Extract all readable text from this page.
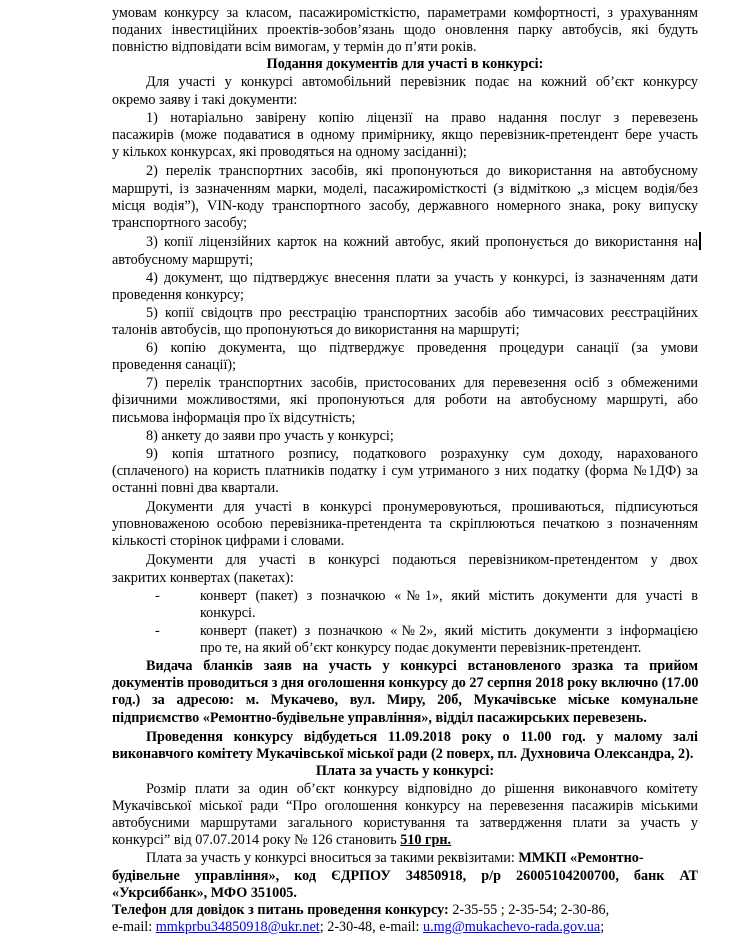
умовам конкурсу за класом, пасажиромісткістю, параметрами комфортності, з урахуванням
поданих інвестиційних проектів-зобов’язань щодо оновлення парку автобусів, які будуть
повністю відповідати всім вимогам, у термін до п’яти років.
Подання документів для участі в конкурсі:
Для участі у конкурсі автомобільний перевізник подає на кожний об’єкт конкурсу
окремо заяву і такі документи:
1) нотаріально завірену копію ліцензії на право надання послуг з перевезень
пасажирів (може подаватися в одному примірнику, якщо перевізник-претендент бере участь
у кількох конкурсах, які проводяться на одному засіданні);
2) перелік транспортних засобів, які пропонуються до використання на автобусному
маршруті, із зазначенням марки, моделі, пасажиромісткості (з відміткою „з місцем водія/без
місця водія”), VIN-коду транспортного засобу, державного номерного знака, року випуску
транспортного засобу;
3) копії ліцензійних карток на кожний автобус, який пропонується до використання на
автобусному маршруті;
4) документ, що підтверджує внесення плати за участь у конкурсі, із зазначенням дати
проведення конкурсу;
5) копії свідоцтв про реєстрацію транспортних засобів або тимчасових реєстраційних
талонів автобусів, що пропонуються до використання на маршруті;
6) копію документа, що підтверджує проведення процедури санації (за умови
проведення санації);
7) перелік транспортних засобів, пристосованих для перевезення осіб з обмеженими
фізичними можливостями, які пропонуються для роботи на автобусному маршруті, або
письмова інформація про їх відсутність;
8) анкету до заяви про участь у конкурсі;
9) копія штатного розпису, податкового розрахунку сум доходу, нарахованого
(сплаченого) на користь платників податку і сум утриманого з них податку (форма №1ДФ) за
останні повні два квартали.
Документи для участі в конкурсі пронумеровуються, прошиваються, підписуються
уповноваженою особою перевізника-претендента та скріплюються печаткою з позначенням
кількості сторінок цифрами і словами.
Документи для участі в конкурсі подаються перевізником-претендентом у двох
закритих конвертах (пакетах):
-	конверт (пакет) з позначкою «№1», який містить документи для участі в
конкурсі.
-	конверт (пакет) з позначкою «№2», який містить документи з інформацією
про те, на який об’єкт конкурсу подає документи перевізник-претендент.
Видача бланків заяв на участь у конкурсі встановленого зразка та прийом
документів проводиться з дня оголошення конкурсу до 27 серпня 2018 року включно (17.00
год.) за адресою: м. Мукачево, вул. Миру, 20б, Мукачівське міське комунальне
підприємство «Ремонтно-будівельне управління», відділ пасажирських перевезень.
Проведення конкурсу відбудеться 11.09.2018 року о 11.00 год. у малому залі
виконавчого комітету Мукачівської міської ради (2 поверх, пл. Духновича Олександра, 2).
Плата за участь у конкурсі:
Розмір плати за один об’єкт конкурсу відповідно до рішення виконавчого комітету
Мукачівської міської ради “Про оголошення конкурсу на перевезення пасажирів міськими
автобусними маршрутами загального користування та затвердження плати за участь у
конкурсі” від 07.07.2014 року № 126 становить 510 грн.
Плата за участь у конкурсі вноситься за такими реквізитами: ММКП «Ремонтно-
будівельне управління», код ЄДРПОУ 34850918, р/р 26005104200700, банк АТ
«Укрсиббанк», МФО 351005.
Телефон для довідок з питань проведення конкурсу: 2-35-55 ; 2-35-54; 2-30-86,
e-mail: mmkprbu34850918@ukr.net; 2-30-48, e-mail: u.mg@mukachevo-rada.gov.ua;
